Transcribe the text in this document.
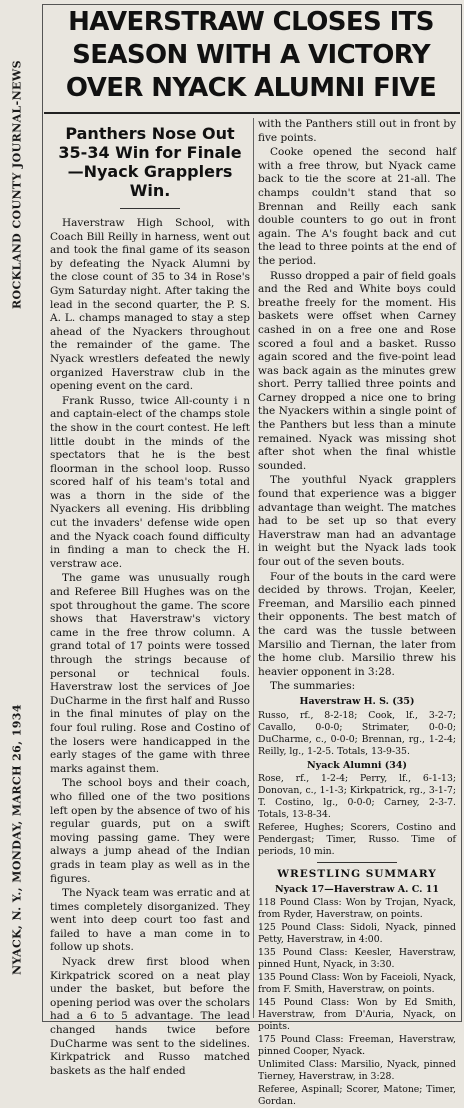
ROCKLAND COUNTY JOURNAL-NEWS
NYACK, N. Y., MONDAY, MARCH 26, 1934
HAVERSTRAW CLOSES ITS
SEASON WITH A VICTORY
OVER NYACK ALUMNI FIVE
Panthers Nose Out
35-34 Win for Finale
—Nyack Grapplers
Win.

Haverstraw High School, with Coach Bill Reilly in harness, went out and took the final game of its season by defeating the Nyack Alumni by the close count of 35 to 34 in Rose's Gym Saturday night. After taking the lead in the second quarter, the P. S. A. L. champs managed to stay a step ahead of the Nyackers throughout the remainder of the game. The Nyack wrestlers defeated the newly organized Haverstraw club in the opening event on the card.

Frank Russo, twice All-county i n and captain-elect of the champs stole the show in the court contest. He left little doubt in the minds of the spectators that he is the best floorman in the school loop. Russo scored half of his team's total and was a thorn in the side of the Nyackers all evening. His dribbling cut the invaders' defense wide open and the Nyack coach found difficulty in finding a man to check the H. verstraw ace.

The game was unusually rough and Referee Bill Hughes was on the spot throughout the game. The score shows that Haverstraw's victory came in the free throw column. A grand total of 17 points were tossed through the strings because of personal or technical fouls. Haverstraw lost the services of Joe DuCharme in the first half and Russo in the final minutes of play on the four foul ruling. Rose and Costino of the losers were handicapped in the early stages of the game with three marks against them.

The school boys and their coach, who filled one of the two positions left open by the absence of two of his regular guards, put on a swift moving passing game. They were always a jump ahead of the Indian grads in team play as well as in the figures.

The Nyack team was erratic and at times completely disorganized. They went into deep court too fast and failed to have a man come in to follow up shots.

Nyack drew first blood when Kirkpatrick scored on a neat play under the basket, but before the opening period was over the scholars had a 6 to 5 advantage. The lead changed hands twice before DuCharme was sent to the sidelines. Kirkpatrick and Russo matched baskets as the half ended

with the Panthers still out in front by five points.

Cooke opened the second half with a free throw, but Nyack came back to tie the score at 21-all. The champs couldn't stand that so Brennan and Reilly each sank double counters to go out in front again. The A's fought back and cut the lead to three points at the end of the period.

Russo dropped a pair of field goals and the Red and White boys could breathe freely for the moment. His baskets were offset when Carney cashed in on a free one and Rose scored a foul and a basket. Russo again scored and the five-point lead was back again as the minutes grew short. Perry tallied three points and Carney dropped a nice one to bring the Nyackers within a single point of the Panthers but less than a minute remained. Nyack was missing shot after shot when the final whistle sounded.

The youthful Nyack grapplers found that experience was a bigger advantage than weight. The matches had to be set up so that every Haverstraw man had an advantage in weight but the Nyack lads took four out of the seven bouts.

Four of the bouts in the card were decided by throws. Trojan, Keeler, Freeman, and Marsilio each pinned their opponents. The best match of the card was the tussle between Marsilio and Tiernan, the later from the home club. Marsilio threw his heavier opponent in 3:28.

The summaries:

Haverstraw H. S. (35)

Russo, rf., 8-2-18; Cook, lf., 3-2-7; Cavallo, 0-0-0; Strimater, 0-0-0; DuCharme, c., 0-0-0; Brennan, rg., 1-2-4; Reilly, lg., 1-2-5. Totals, 13-9-35.

Nyack Alumni (34)

Rose, rf., 1-2-4; Perry, lf., 6-1-13; Donovan, c., 1-1-3; Kirkpatrick, rg., 3-1-7; T. Costino, lg., 0-0-0; Carney, 2-3-7. Totals, 13-8-34.

Referee, Hughes; Scorers, Costino and Pendergast; Timer, Russo. Time of periods, 10 min.

WRESTLING SUMMARY

Nyack 17—Haverstraw A. C. 11

118 Pound Class: Won by Trojan, Nyack, from Ryder, Haverstraw, on points.

125 Pound Class: Sidoli, Nyack, pinned Petty, Haverstraw, in 4:00.

135 Pound Class: Keesler, Haverstraw, pinned Hunt, Nyack, in 3:30.

135 Pound Class: Won by Faceioli, Nyack, from F. Smith, Haverstraw, on points.

145 Pound Class: Won by Ed Smith, Haverstraw, from D'Auria, Nyack, on points.

175 Pound Class: Freeman, Haverstraw, pinned Cooper, Nyack.

Unlimited Class: Marsilio, Nyack, pinned Tierney, Haverstraw, in 3:28.

Referee, Aspinall; Scorer, Matone; Timer, Gordan.
